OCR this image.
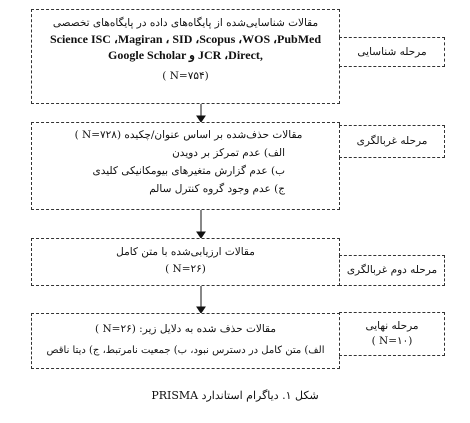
مقالات شناسایی‌شده از پایگاه‌های داده در پایگاه‌های تخصصی
Science ISC ،Magiran ، SID ،Scopus ،WOS ،PubMed
Google Scholar و JCR ،Direct,
( N=۷۵۴)
مقالات حذف‌شده بر اساس عنوان/چکیده (N=۷۲۸ )
الف) عدم تمرکز بر دویدن
ب) عدم گزارش متغیرهای بیومکانیکی کلیدی
ج) عدم وجود گروه کنترل سالم
مقالات ارزیابی‌شده با متن کامل
( N=۲۶)
مقالات حذف شده به دلایل زیر: (N=۲۶ )
الف) متن کامل در دسترس نبود، ب) جمعیت نامرتبط، ج) دیتا ناقص
مرحله شناسایی
مرحله غربالگری
مرحله دوم غربالگری
مرحله نهایی
( N=۱۰)
شکل ۱. دیاگرام استاندارد PRISMA
